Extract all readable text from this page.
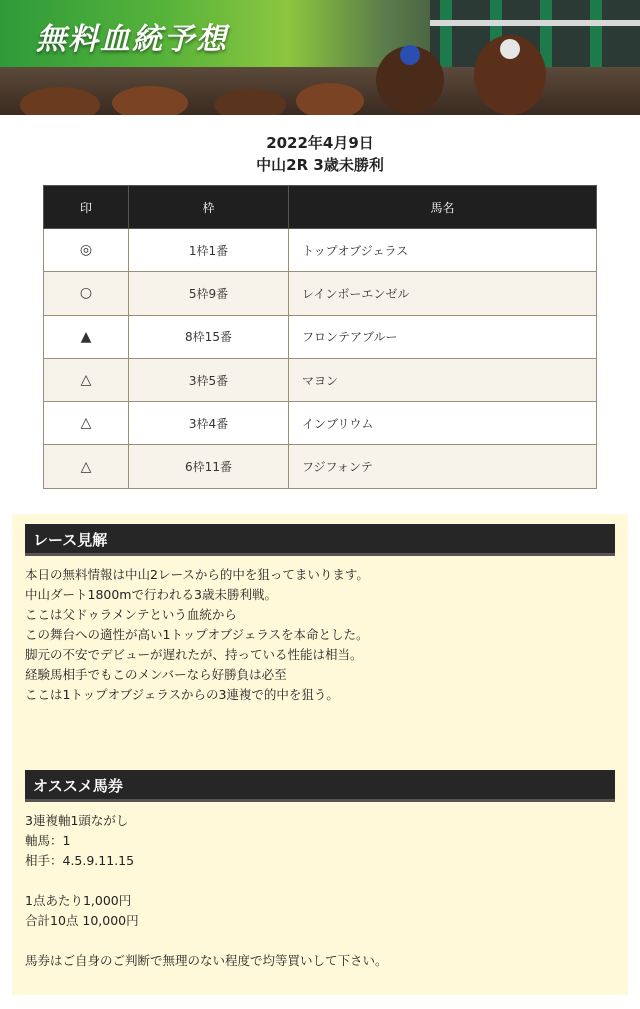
無料血統予想
2022年4月9日
中山2R 3歳未勝利
印	枠	馬名
◎	1枠1番	トップオブジェラス
○	5枠9番	レインボーエンゼル
▲	8枠15番	フロンテアブルー
△	3枠5番	マヨン
△	3枠4番	インブリウム
△	6枠11番	フジフォンテ
レース見解
本日の無料情報は中山2レースから的中を狙ってまいります。
中山ダート1800mで行われる3歳未勝利戦。
ここは父ドゥラメンテという血統から
この舞台への適性が高い1トップオブジェラスを本命とした。
脚元の不安でデビューが遅れたが、持っている性能は相当。
経験馬相手でもこのメンバーなら好勝負は必至
ここは1トップオブジェラスからの3連複で的中を狙う。
オススメ馬券
3連複軸1頭ながし
軸馬：1
相手：4.5.9.11.15
1点あたり1,000円
合計10点 10,000円
馬券はご自身のご判断で無理のない程度で均等買いして下さい。
